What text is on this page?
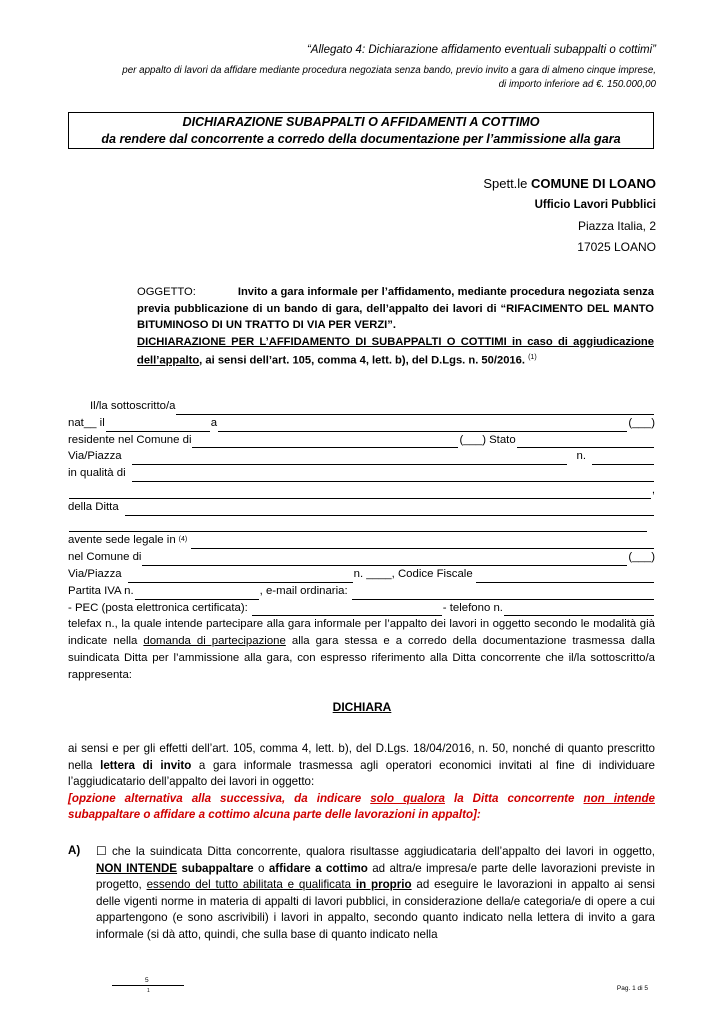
“Allegato 4: Dichiarazione affidamento eventuali subappalti o cottimi”
per appalto di lavori da affidare mediante procedura negoziata senza bando, previo invito a gara di almeno cinque imprese,
di importo inferiore ad €. 150.000,00
DICHIARAZIONE SUBAPPALTI O AFFIDAMENTI A COTTIMO
da rendere dal concorrente a corredo della documentazione per l’ammissione alla gara
Spett.le COMUNE DI LOANO
Ufficio Lavori Pubblici
Piazza Italia, 2
17025 LOANO
OGGETTO:	Invito a gara informale per l’affidamento, mediante procedura negoziata senza previa pubblicazione di un bando di gara, dell’appalto dei lavori di “RIFACIMENTO DEL MANTO BITUMINOSO DI UN TRATTO DI VIA PER VERZI”.
DICHIARAZIONE PER L’AFFIDAMENTO DI SUBAPPALTI O COTTIMI in caso di aggiudicazione dell’appalto, ai sensi dell’art. 105, comma 4, lett. b), del D.Lgs. n. 50/2016. $^{(1)}$
Il/la sottoscritto/a
nat__ il	a	(___)
residente nel Comune di	(___) Stato
Via/Piazza	n.
in qualità di
,
della Ditta
avente sede legale in (4)
nel Comune di	(___)
Via/Piazza	n. ____, Codice Fiscale
Partita IVA n.	, e-mail ordinaria:
- PEC (posta elettronica certificata):	- telefono n.
telefax n., la quale intende partecipare alla gara informale per l’appalto dei lavori in oggetto secondo le modalità già indicate nella domanda di partecipazione alla gara stessa e a corredo della documentazione trasmessa dalla suindicata Ditta per l’ammissione alla gara, con espresso riferimento alla Ditta concorrente che il/la sottoscritto/a rappresenta:
DICHIARA
ai sensi e per gli effetti dell’art. 105, comma 4, lett. b), del D.Lgs. 18/04/2016, n. 50, nonché di quanto prescritto nella lettera di invito a gara informale trasmessa agli operatori economici invitati al fine di individuare l’aggiudicatario dell’appalto dei lavori in oggetto:
[opzione alternativa alla successiva, da indicare solo qualora la Ditta concorrente non intende subappaltare o affidare a cottimo alcuna parte delle lavorazioni in appalto]:
A) ☐ che la suindicata Ditta concorrente, qualora risultasse aggiudicataria dell’appalto dei lavori in oggetto, NON INTENDE subappaltare o affidare a cottimo ad altra/e impresa/e parte delle lavorazioni previste in progetto, essendo del tutto abilitata e qualificata in proprio ad eseguire le lavorazioni in appalto ai sensi delle vigenti norme in materia di appalti di lavori pubblici, in considerazione della/e categoria/e di opere a cui appartengono (e sono ascrivibili) i lavori in appalto, secondo quanto indicato nella lettera di invito a gara informale (si dà atto, quindi, che sulla base di quanto indicato nella
5
1	Pag. 1 di 5
